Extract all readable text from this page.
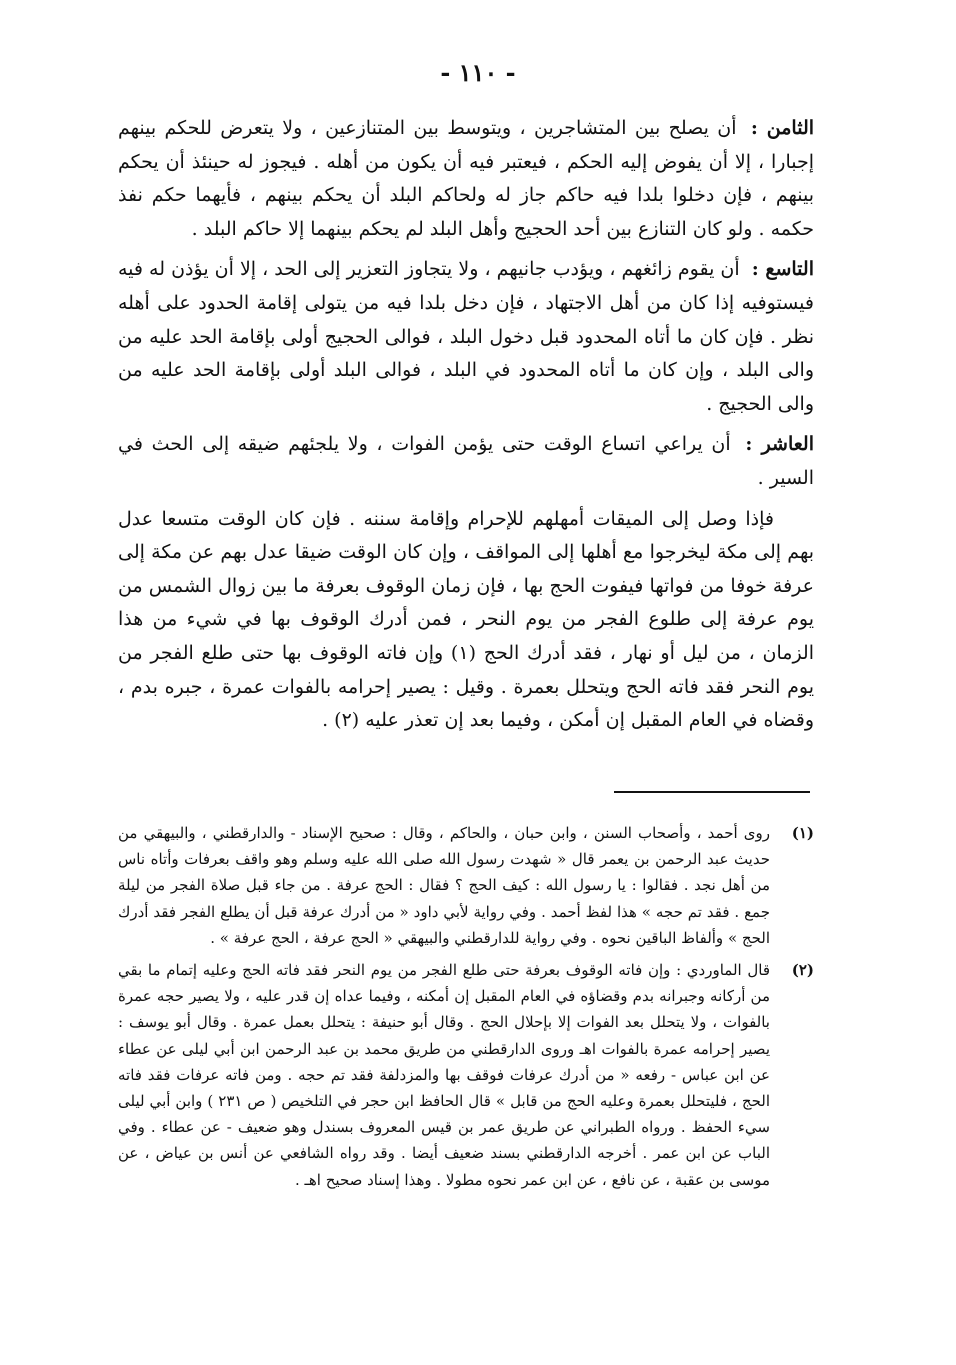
- ١١٠ -

الثامن : أن يصلح بين المتشاجرين ، ويتوسط بين المتنازعين ، ولا يتعرض للحكم بينهم إجبارا ، إلا أن يفوض إليه الحكم ، فيعتبر فيه أن يكون من أهله . فيجوز له حينئذ أن يحكم بينهم ، فإن دخلوا بلدا فيه حاكم جاز له ولحاكم البلد أن يحكم بينهم ، فأيهما حكم نفذ حكمه . ولو كان التنازع بين أحد الحجيج وأهل البلد لم يحكم بينهما إلا حاكم البلد .

التاسع : أن يقوم زائغهم ، ويؤدب جانيهم ، ولا يتجاوز التعزير إلى الحد ، إلا أن يؤذن له فيه فيستوفيه إذا كان من أهل الاجتهاد ، فإن دخل بلدا فيه من يتولى إقامة الحدود على أهله نظر . فإن كان ما أتاه المحدود قبل دخول البلد ، فوالى الحجيج أولى بإقامة الحد عليه من والى البلد ، وإن كان ما أتاه المحدود في البلد ، فوالى البلد أولى بإقامة الحد عليه من والى الحجيج .

العاشر : أن يراعي اتساع الوقت حتى يؤمن الفوات ، ولا يلجئهم ضيقه إلى الحث في السير .

فإذا وصل إلى الميقات أمهلهم للإحرام وإقامة سننه . فإن كان الوقت متسعا عدل بهم إلى مكة ليخرجوا مع أهلها إلى المواقف ، وإن كان الوقت ضيقا عدل بهم عن مكة إلى عرفة خوفا من فواتها فيفوت الحج بها ، فإن زمان الوقوف بعرفة ما بين زوال الشمس من يوم عرفة إلى طلوع الفجر من يوم النحر ، فمن أدرك الوقوف بها في شيء من هذا الزمان ، من ليل أو نهار ، فقد أدرك الحج (١) وإن فاته الوقوف بها حتى طلع الفجر من يوم النحر فقد فاته الحج ويتحلل بعمرة . وقيل : يصير إحرامه بالفوات عمرة ، جبره بدم ، وقضاه في العام المقبل إن أمكن ، وفيما بعد إن تعذر عليه (٢) .

(١)
روى أحمد ، وأصحاب السنن ، وابن حبان ، والحاكم ، وقال : صحيح الإسناد - والدارقطني ، والبيهقي من حديث عبد الرحمن بن يعمر قال « شهدت رسول الله صلى الله عليه وسلم وهو واقف بعرفات وأتاه ناس من أهل نجد . فقالوا : يا رسول الله : كيف الحج ؟ فقال : الحج عرفة . من جاء قبل صلاة الفجر من ليلة جمع . فقد تم حجه » هذا لفظ أحمد . وفي رواية لأبي داود « من أدرك عرفة قبل أن يطلع الفجر فقد أدرك الحج » وألفاظ الباقين نحوه . وفي رواية للدارقطني والبيهقي « الحج عرفة ، الحج عرفة » .
(٢)
قال الماوردي : وإن فاته الوقوف بعرفة حتى طلع الفجر من يوم النحر فقد فاته الحج وعليه إتمام ما بقي من أركانه وجبرانه بدم وقضاؤه في العام المقبل إن أمكنه ، وفيما عداه إن قدر عليه ، ولا يصير حجه عمرة بالفوات ، ولا يتحلل بعد الفوات إلا بإحلال الحج . وقال أبو حنيفة : يتحلل بعمل عمرة . وقال أبو يوسف : يصير إحرامه عمرة بالفوات اهـ وروى الدارقطني من طريق محمد بن عبد الرحمن ابن أبي ليلى عن عطاء عن ابن عباس - رفعه « من أدرك عرفات فوقف بها والمزدلفة فقد تم حجه . ومن فاته عرفات فقد فاته الحج ، فليتحلل بعمرة وعليه الحج من قابل » قال الحافظ ابن حجر في التلخيص ( ص ٢٣١ ) وابن أبي ليلى سيء الحفظ . ورواه الطبراني عن طريق عمر بن قيس المعروف بسندل وهو ضعيف - عن عطاء . وفي الباب عن ابن عمر . أخرجه الدارقطني بسند ضعيف أيضا . وقد رواه الشافعي عن أنس بن عياض ، عن موسى بن عقبة ، عن نافع ، عن ابن عمر نحوه مطولا . وهذا إسناد صحيح اهـ .
